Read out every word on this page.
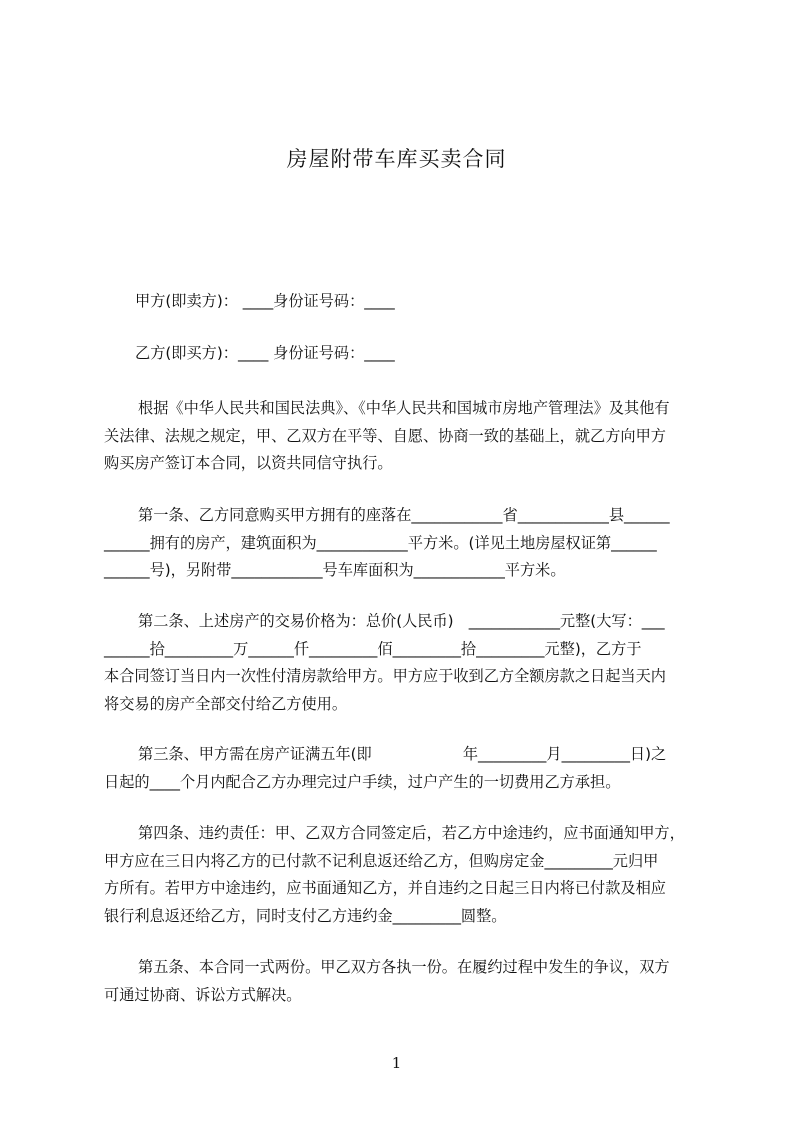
房屋附带车库买卖合同

甲方(即卖方)： ____身份证号码：____

乙方(即买方)：____ 身份证号码：____

根据《中华人民共和国民法典》、《中华人民共和国城市房地产管理法》及其他有

关法律、法规之规定，甲、乙双方在平等、自愿、协商一致的基础上，就乙方向甲方

购买房产签订本合同，以资共同信守执行。

第一条、乙方同意购买甲方拥有的座落在____________省____________县______

______拥有的房产，建筑面积为____________平方米。(详见土地房屋权证第______

______号)，另附带____________号车库面积为____________平方米。

第二条、上述房产的交易价格为：总价(人民币)　____________元整(大写：___

______拾_________万______仟_________佰_________拾_________元整)，乙方于

本合同签订当日内一次性付清房款给甲方。甲方应于收到乙方全额房款之日起当天内

将交易的房产全部交付给乙方使用。

第三条、甲方需在房产证满五年(即　　　　　　年_________月_________日)之

日起的____个月内配合乙方办理完过户手续，过户产生的一切费用乙方承担。

第四条、违约责任：甲、乙双方合同签定后，若乙方中途违约，应书面通知甲方，

甲方应在三日内将乙方的已付款不记利息返还给乙方，但购房定金_________元归甲

方所有。若甲方中途违约，应书面通知乙方，并自违约之日起三日内将已付款及相应

银行利息返还给乙方，同时支付乙方违约金_________圆整。

第五条、本合同一式两份。甲乙双方各执一份。在履约过程中发生的争议，双方

可通过协商、诉讼方式解决。

1
